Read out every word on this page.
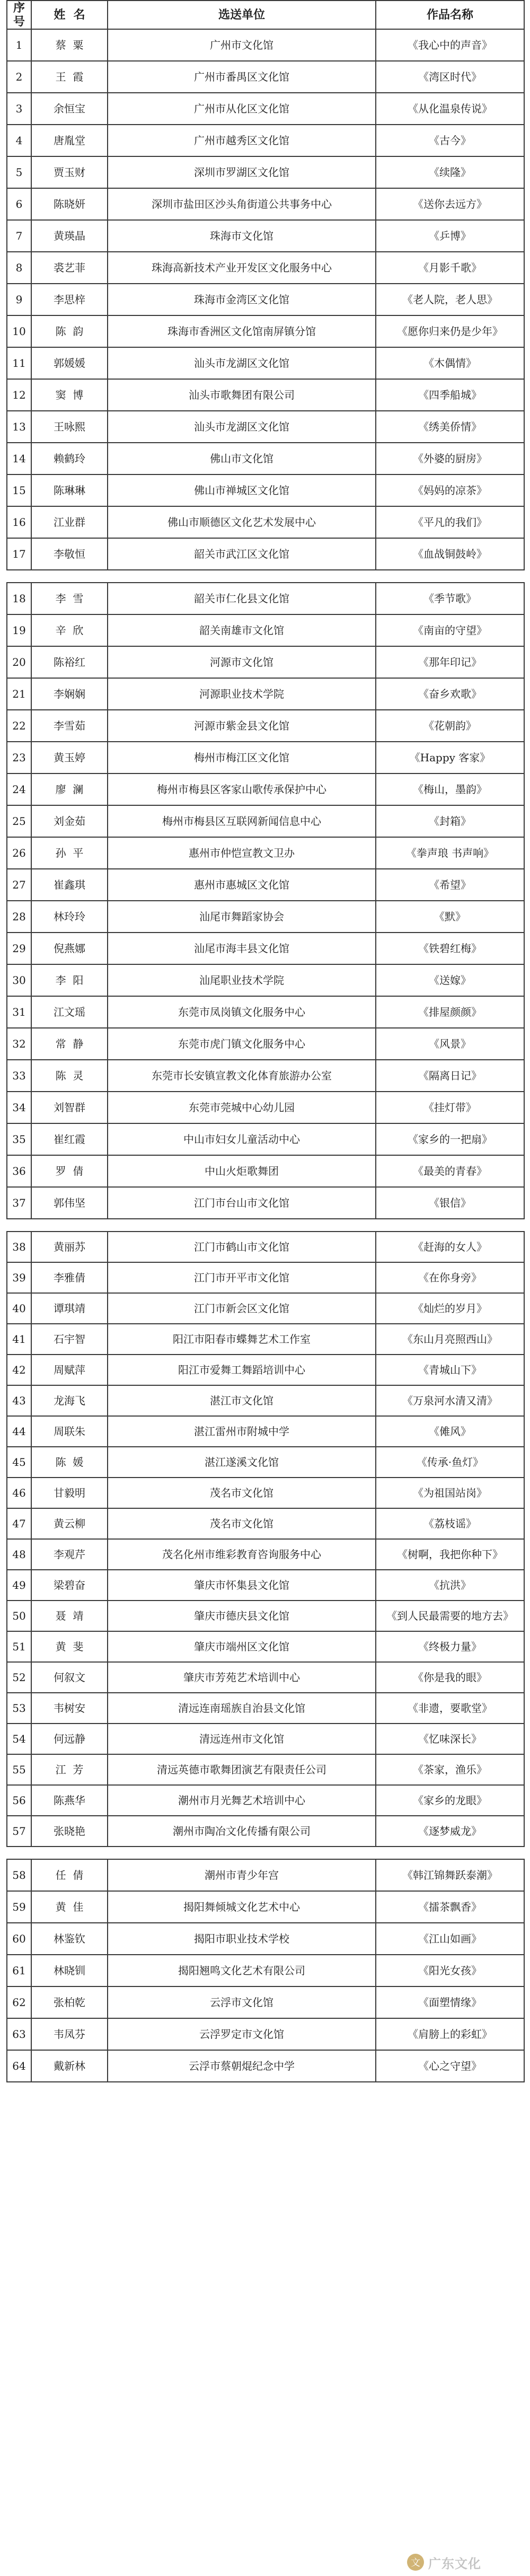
序
号	姓  名	选送单位	作品名称
1	蔡  粟	广州市文化馆	《我心中的声音》
2	王  霞	广州市番禺区文化馆	《湾区时代》
3	余恒宝	广州市从化区文化馆	《从化温泉传说》
4	唐胤堂	广州市越秀区文化馆	《古今》
5	贾玉财	深圳市罗湖区文化馆	《续隆》
6	陈晓妍	深圳市盐田区沙头角街道公共事务中心	《送你去远方》
7	黄瑛晶	珠海市文化馆	《乒博》
8	裘艺菲	珠海高新技术产业开发区文化服务中心	《月影千歌》
9	李思梓	珠海市金湾区文化馆	《老人院，老人思》
10	陈  韵	珠海市香洲区文化馆南屏镇分馆	《愿你归来仍是少年》
11	郭媛媛	汕头市龙湖区文化馆	《木偶情》
12	窦  博	汕头市歌舞团有限公司	《四季船城》
13	王咏熙	汕头市龙湖区文化馆	《绣美侨情》
14	赖鹤玲	佛山市文化馆	《外婆的厨房》
15	陈琳琳	佛山市禅城区文化馆	《妈妈的凉茶》
16	江业群	佛山市顺德区文化艺术发展中心	《平凡的我们》
17	李敬恒	韶关市武江区文化馆	《血战铜鼓岭》
18	李  雪	韶关市仁化县文化馆	《季节歌》
19	辛  欣	韶关南雄市文化馆	《南亩的守望》
20	陈裕红	河源市文化馆	《那年印记》
21	李娴娴	河源职业技术学院	《奋乡欢歌》
22	李雪茹	河源市紫金县文化馆	《花朝韵》
23	黄玉婷	梅州市梅江区文化馆	《Happy 客家》
24	廖  澜	梅州市梅县区客家山歌传承保护中心	《梅山，墨韵》
25	刘金茹	梅州市梅县区互联网新闻信息中心	《封箱》
26	孙  平	惠州市仲恺宣教文卫办	《拳声琅 书声响》
27	崔鑫琪	惠州市惠城区文化馆	《希望》
28	林玲玲	汕尾市舞蹈家协会	《默》
29	倪燕娜	汕尾市海丰县文化馆	《铁碧红梅》
30	李  阳	汕尾职业技术学院	《送嫁》
31	江文瑶	东莞市凤岗镇文化服务中心	《排屋颜颜》
32	常  静	东莞市虎门镇文化服务中心	《风景》
33	陈  灵	东莞市长安镇宣教文化体育旅游办公室	《隔离日记》
34	刘智群	东莞市莞城中心幼儿园	《挂灯带》
35	崔红霞	中山市妇女儿童活动中心	《家乡的一把扇》
36	罗  倩	中山火炬歌舞团	《最美的青春》
37	郭伟坚	江门市台山市文化馆	《银信》
38	黄丽苏	江门市鹤山市文化馆	《赶海的女人》
39	李雅倩	江门市开平市文化馆	《在你身旁》
40	谭琪靖	江门市新会区文化馆	《灿烂的岁月》
41	石宇智	阳江市阳春市蝶舞艺术工作室	《东山月亮照西山》
42	周赋萍	阳江市爱舞工舞蹈培训中心	《青城山下》
43	龙海飞	湛江市文化馆	《万泉河水清又清》
44	周联朱	湛江雷州市附城中学	《傩风》
45	陈  媛	湛江遂溪文化馆	《传承·鱼灯》
46	甘毅明	茂名市文化馆	《为祖国站岗》
47	黄云柳	茂名市文化馆	《荔枝谣》
48	李观芹	茂名化州市维彩教育咨询服务中心	《树啊，我把你种下》
49	梁碧奋	肇庆市怀集县文化馆	《抗洪》
50	聂  靖	肇庆市德庆县文化馆	《到人民最需要的地方去》
51	黄  斐	肇庆市端州区文化馆	《终极力量》
52	何叙文	肇庆市芳苑艺术培训中心	《你是我的眼》
53	韦树安	清远连南瑶族自治县文化馆	《非遗，要歌堂》
54	何远静	清远连州市文化馆	《忆味深长》
55	江  芳	清远英德市歌舞团演艺有限责任公司	《茶家，渔乐》
56	陈燕华	潮州市月光舞艺术培训中心	《家乡的龙眼》
57	张晓艳	潮州市陶冶文化传播有限公司	《逐梦威龙》
58	任  倩	潮州市青少年宫	《韩江锦舞跃泰潮》
59	黄  佳	揭阳舞倾城文化艺术中心	《擂茶飘香》
60	林鉴钦	揭阳市职业技术学校	《江山如画》
61	林晓钏	揭阳翘鸣文化艺术有限公司	《阳光女孩》
62	张柏乾	云浮市文化馆	《面塑情缘》
63	韦凤芬	云浮罗定市文化馆	《肩膀上的彩虹》
64	戴新林	云浮市蔡朝焜纪念中学	《心之守望》
文 广东文化
